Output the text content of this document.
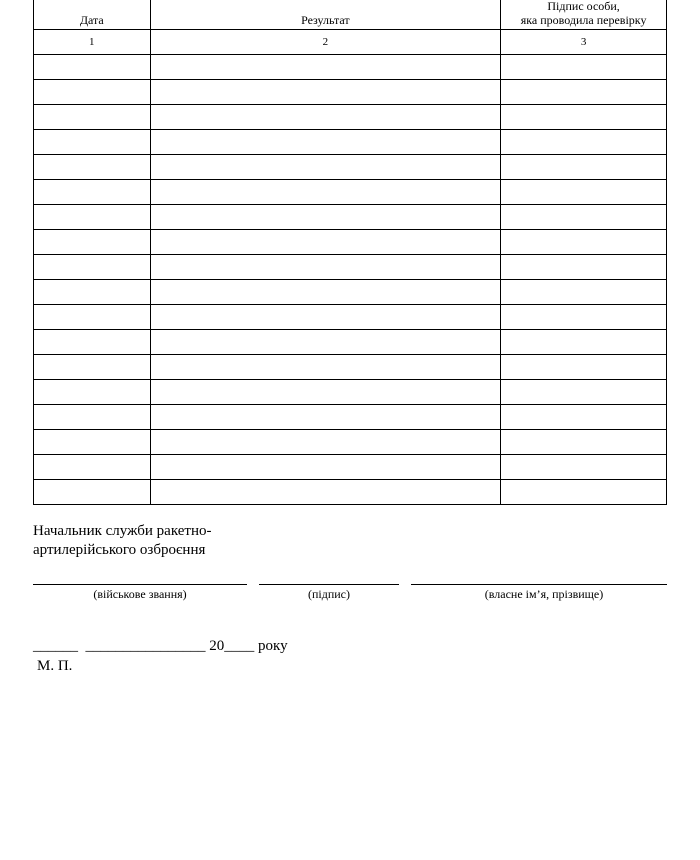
Дата	Результат	Підпис особи,
яка проводила перевірку

1	2	3

Начальник служби ракетно-
артилерійського озброєння
(військове звання)	(підпис)	(власне ім’я, прізвище)
______  ________________ 20____ року
М. П.
